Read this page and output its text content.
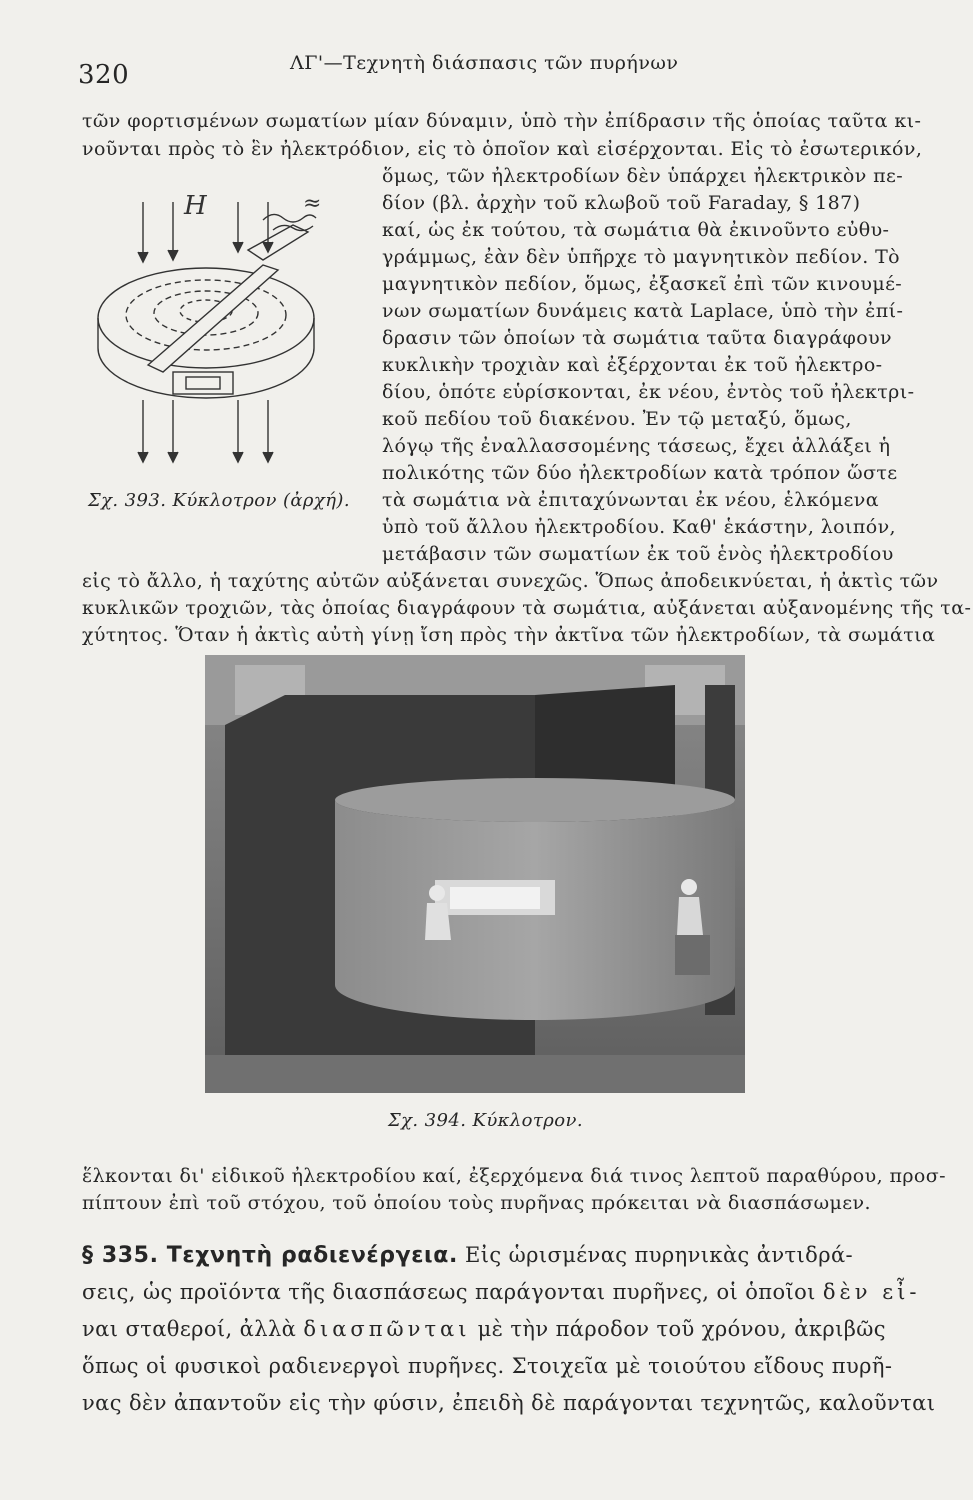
320	ΛΓ'—Τεχνητὴ διάσπασις τῶν πυρήνων
τῶν φορτισμένων σωματίων μίαν δύναμιν, ὑπὸ τὴν ἐπίδρασιν τῆς ὁποίας ταῦτα κι-
νοῦνται πρὸς τὸ ἓν ἠλεκτρόδιον, εἰς τὸ ὁποῖον καὶ εἰσέρχονται. Εἰς τὸ ἐσωτερικόν,
ὅμως, τῶν ἠλεκτροδίων δὲν ὑπάρχει ἠλεκτρικὸν πε-
δίον (βλ. ἀρχὴν τοῦ κλωβοῦ τοῦ Faraday, § 187)
καί, ὡς ἐκ τούτου, τὰ σωμάτια θὰ ἐκινοῦντο εὐθυ-
γράμμως, ἐὰν δὲν ὑπῆρχε τὸ μαγνητικὸν πεδίον. Τὸ
μαγνητικὸν πεδίον, ὅμως, ἐξασκεῖ ἐπὶ τῶν κινουμέ-
νων σωματίων δυνάμεις κατὰ Laplace, ὑπὸ τὴν ἐπί-
δρασιν τῶν ὁποίων τὰ σωμάτια ταῦτα διαγράφουν
κυκλικὴν τροχιὰν καὶ ἐξέρχονται ἐκ τοῦ ἠλεκτρο-
δίου, ὁπότε εὑρίσκονται, ἐκ νέου, ἐντὸς τοῦ ἠλεκτρι-
κοῦ πεδίου τοῦ διακένου. Ἐν τῷ μεταξύ, ὅμως,
λόγῳ τῆς ἐναλλασσομένης τάσεως, ἔχει ἀλλάξει ἡ
πολικότης τῶν δύο ἠλεκτροδίων κατὰ τρόπον ὥστε
τὰ σωμάτια νὰ ἐπιταχύνωνται ἐκ νέου, ἑλκόμενα
ὑπὸ τοῦ ἄλλου ἠλεκτροδίου. Καθ' ἑκάστην, λοιπόν,
μετάβασιν τῶν σωματίων ἐκ τοῦ ἑνὸς ἠλεκτροδίου
εἰς τὸ ἄλλο, ἡ ταχύτης αὐτῶν αὐξάνεται συνεχῶς. Ὅπως ἀποδεικνύεται, ἡ ἀκτὶς τῶν
κυκλικῶν τροχιῶν, τὰς ὁποίας διαγράφουν τὰ σωμάτια, αὐξάνεται αὐξανομένης τῆς τα-
χύτητος. Ὅταν ἡ ἀκτὶς αὐτὴ γίνῃ ἴση πρὸς τὴν ἀκτῖνα τῶν ἠλεκτροδίων, τὰ σωμάτια
≈
H
Σχ. 393. Κύκλοτρον (ἀρχή).
Σχ. 394. Κύκλοτρον.
ἕλκονται δι' εἰδικοῦ ἠλεκτροδίου καί, ἐξερχόμενα διά τινος λεπτοῦ παραθύρου, προσ-
πίπτουν ἐπὶ τοῦ στόχου, τοῦ ὁποίου τοὺς πυρῆνας πρόκειται νὰ διασπάσωμεν.
§ 335. Τεχνητὴ ραδιενέργεια. Εἰς ὡρισμένας πυρηνικὰς ἀντιδρά-
σεις, ὡς προϊόντα τῆς διασπάσεως παράγονται πυρῆνες, οἱ ὁποῖοι δὲν εἶ-
ναι σταθεροί, ἀλλὰ διασπῶνται μὲ τὴν πάροδον τοῦ χρόνου, ἀκριβῶς
ὅπως οἱ φυσικοὶ ραδιενεργοὶ πυρῆνες. Στοιχεῖα μὲ τοιούτου εἴδους πυρῆ-
νας δὲν ἀπαντοῦν εἰς τὴν φύσιν, ἐπειδὴ δὲ παράγονται τεχνητῶς, καλοῦνται
